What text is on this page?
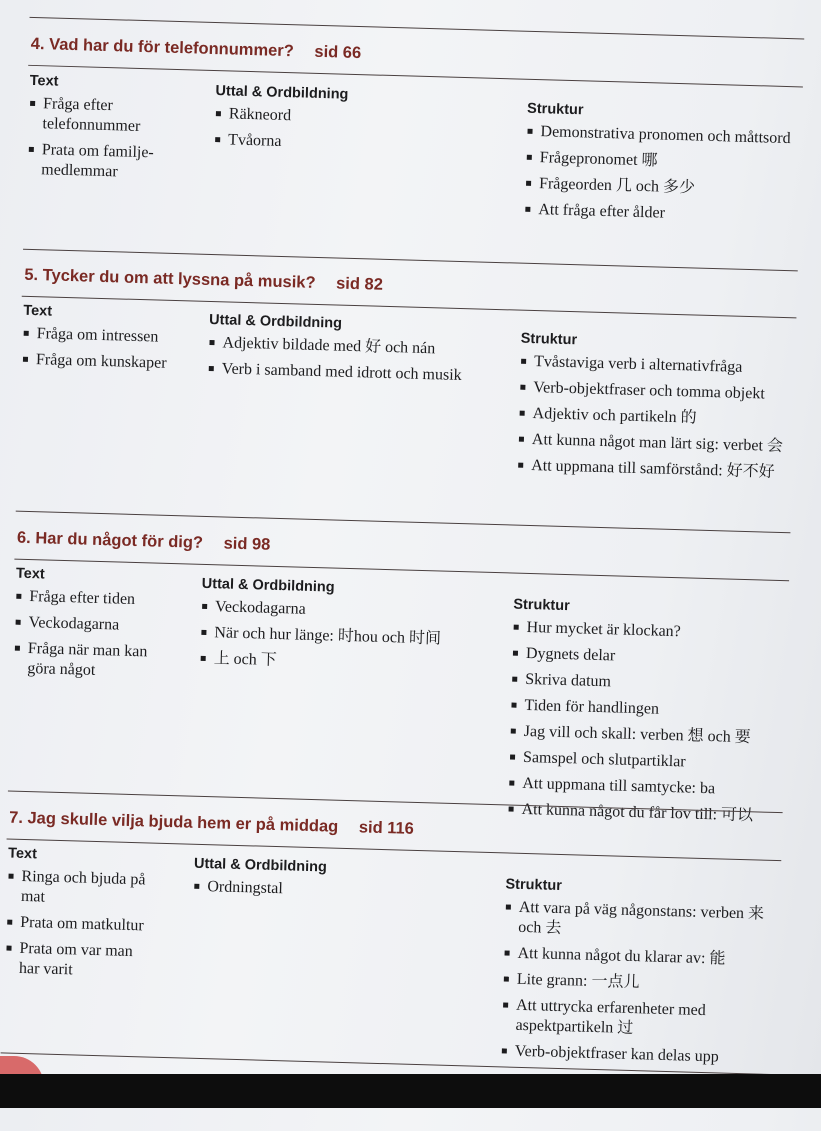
4. Vad har du för telefonnummer? sid 66
Text
Fråga efter telefonnummer
Prata om familje-medlemmar
Uttal & Ordbildning
Räkneord
Tvåorna
Struktur
Demonstrativa pronomen och måttsord
Frågepronomet 哪
Frågeorden 几 och 多少
Att fråga efter ålder
5. Tycker du om att lyssna på musik? sid 82
Text
Fråga om intressen
Fråga om kunskaper
Uttal & Ordbildning
Adjektiv bildade med 好 och nán
Verb i samband med idrott och musik
Struktur
Tvåstaviga verb i alternativfråga
Verb-objektfraser och tomma objekt
Adjektiv och partikeln 的
Att kunna något man lärt sig: verbet 会
Att uppmana till samförstånd: 好不好
6. Har du något för dig? sid 98
Text
Fråga efter tiden
Veckodagarna
Fråga när man kan göra något
Uttal & Ordbildning
Veckodagarna
När och hur länge: 时hou och 时间
上 och 下
Struktur
Hur mycket är klockan?
Dygnets delar
Skriva datum
Tiden för handlingen
Jag vill och skall: verben 想 och 要
Samspel och slutpartiklar
Att uppmana till samtycke: ba
Att kunna något du får lov till: 可以
7. Jag skulle vilja bjuda hem er på middag sid 116
Text
Ringa och bjuda på mat
Prata om matkultur
Prata om var man har varit
Uttal & Ordbildning
Ordningstal	Struktur
Att vara på väg någonstans: verben 来 och 去
Att kunna något du klarar av: 能
Lite grann: 一点儿
Att uttrycka erfarenheter med aspektpartikeln 过
Verb-objektfraser kan delas upp
